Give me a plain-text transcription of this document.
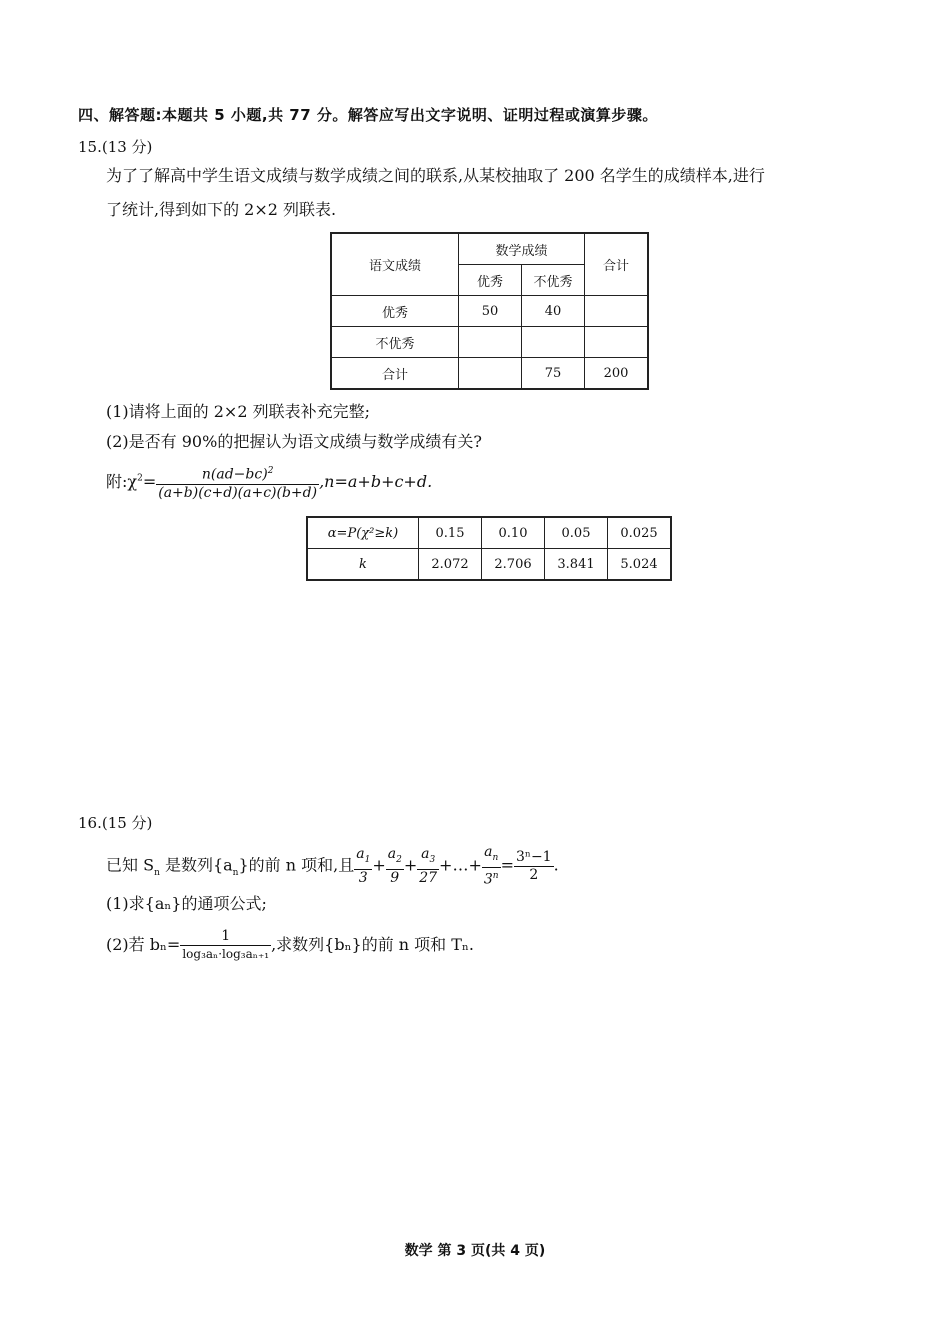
四、解答题:本题共 5 小题,共 77 分。解答应写出文字说明、证明过程或演算步骤。
15.(13 分)
为了了解高中学生语文成绩与数学成绩之间的联系,从某校抽取了 200 名学生的成绩样本,进行
了统计,得到如下的 2×2 列联表.
语文成绩	数学成绩		合计
	优秀	不优秀	
优秀	50	40	
不优秀			
合计		75	200
(1)请将上面的 2×2 列联表补充完整;
(2)是否有 90%的把握认为语文成绩与数学成绩有关?
附$:\chi^2= \frac{n(ad-bc)^2}{(a+b)(c+d)(a+c)(b+d)} ,n=a+b+c+d$.
α=P(χ²≥k)	0.15	0.10	0.05	0.025
k	2.072	2.706	3.841	5.024
16.(15 分)
已知 $S_n$ 是数列$\{a_n\}$的前 n 项和,且 $\frac{a_1}{3} + \frac{a_2}{9} + \frac{a_3}{27}$ +…+ $\frac{a_n}{3^n} = \frac{\text{3ⁿ−1}}{2}$ .
(1)求{aₙ}的通项公式;
(2)若 $b_n= \frac{1}{\text{log₃aₙ·log₃aₙ₊₁}}$ ,求数列{bₙ}的前 n 项和 Tₙ.
数学 第 3 页(共 4 页)
